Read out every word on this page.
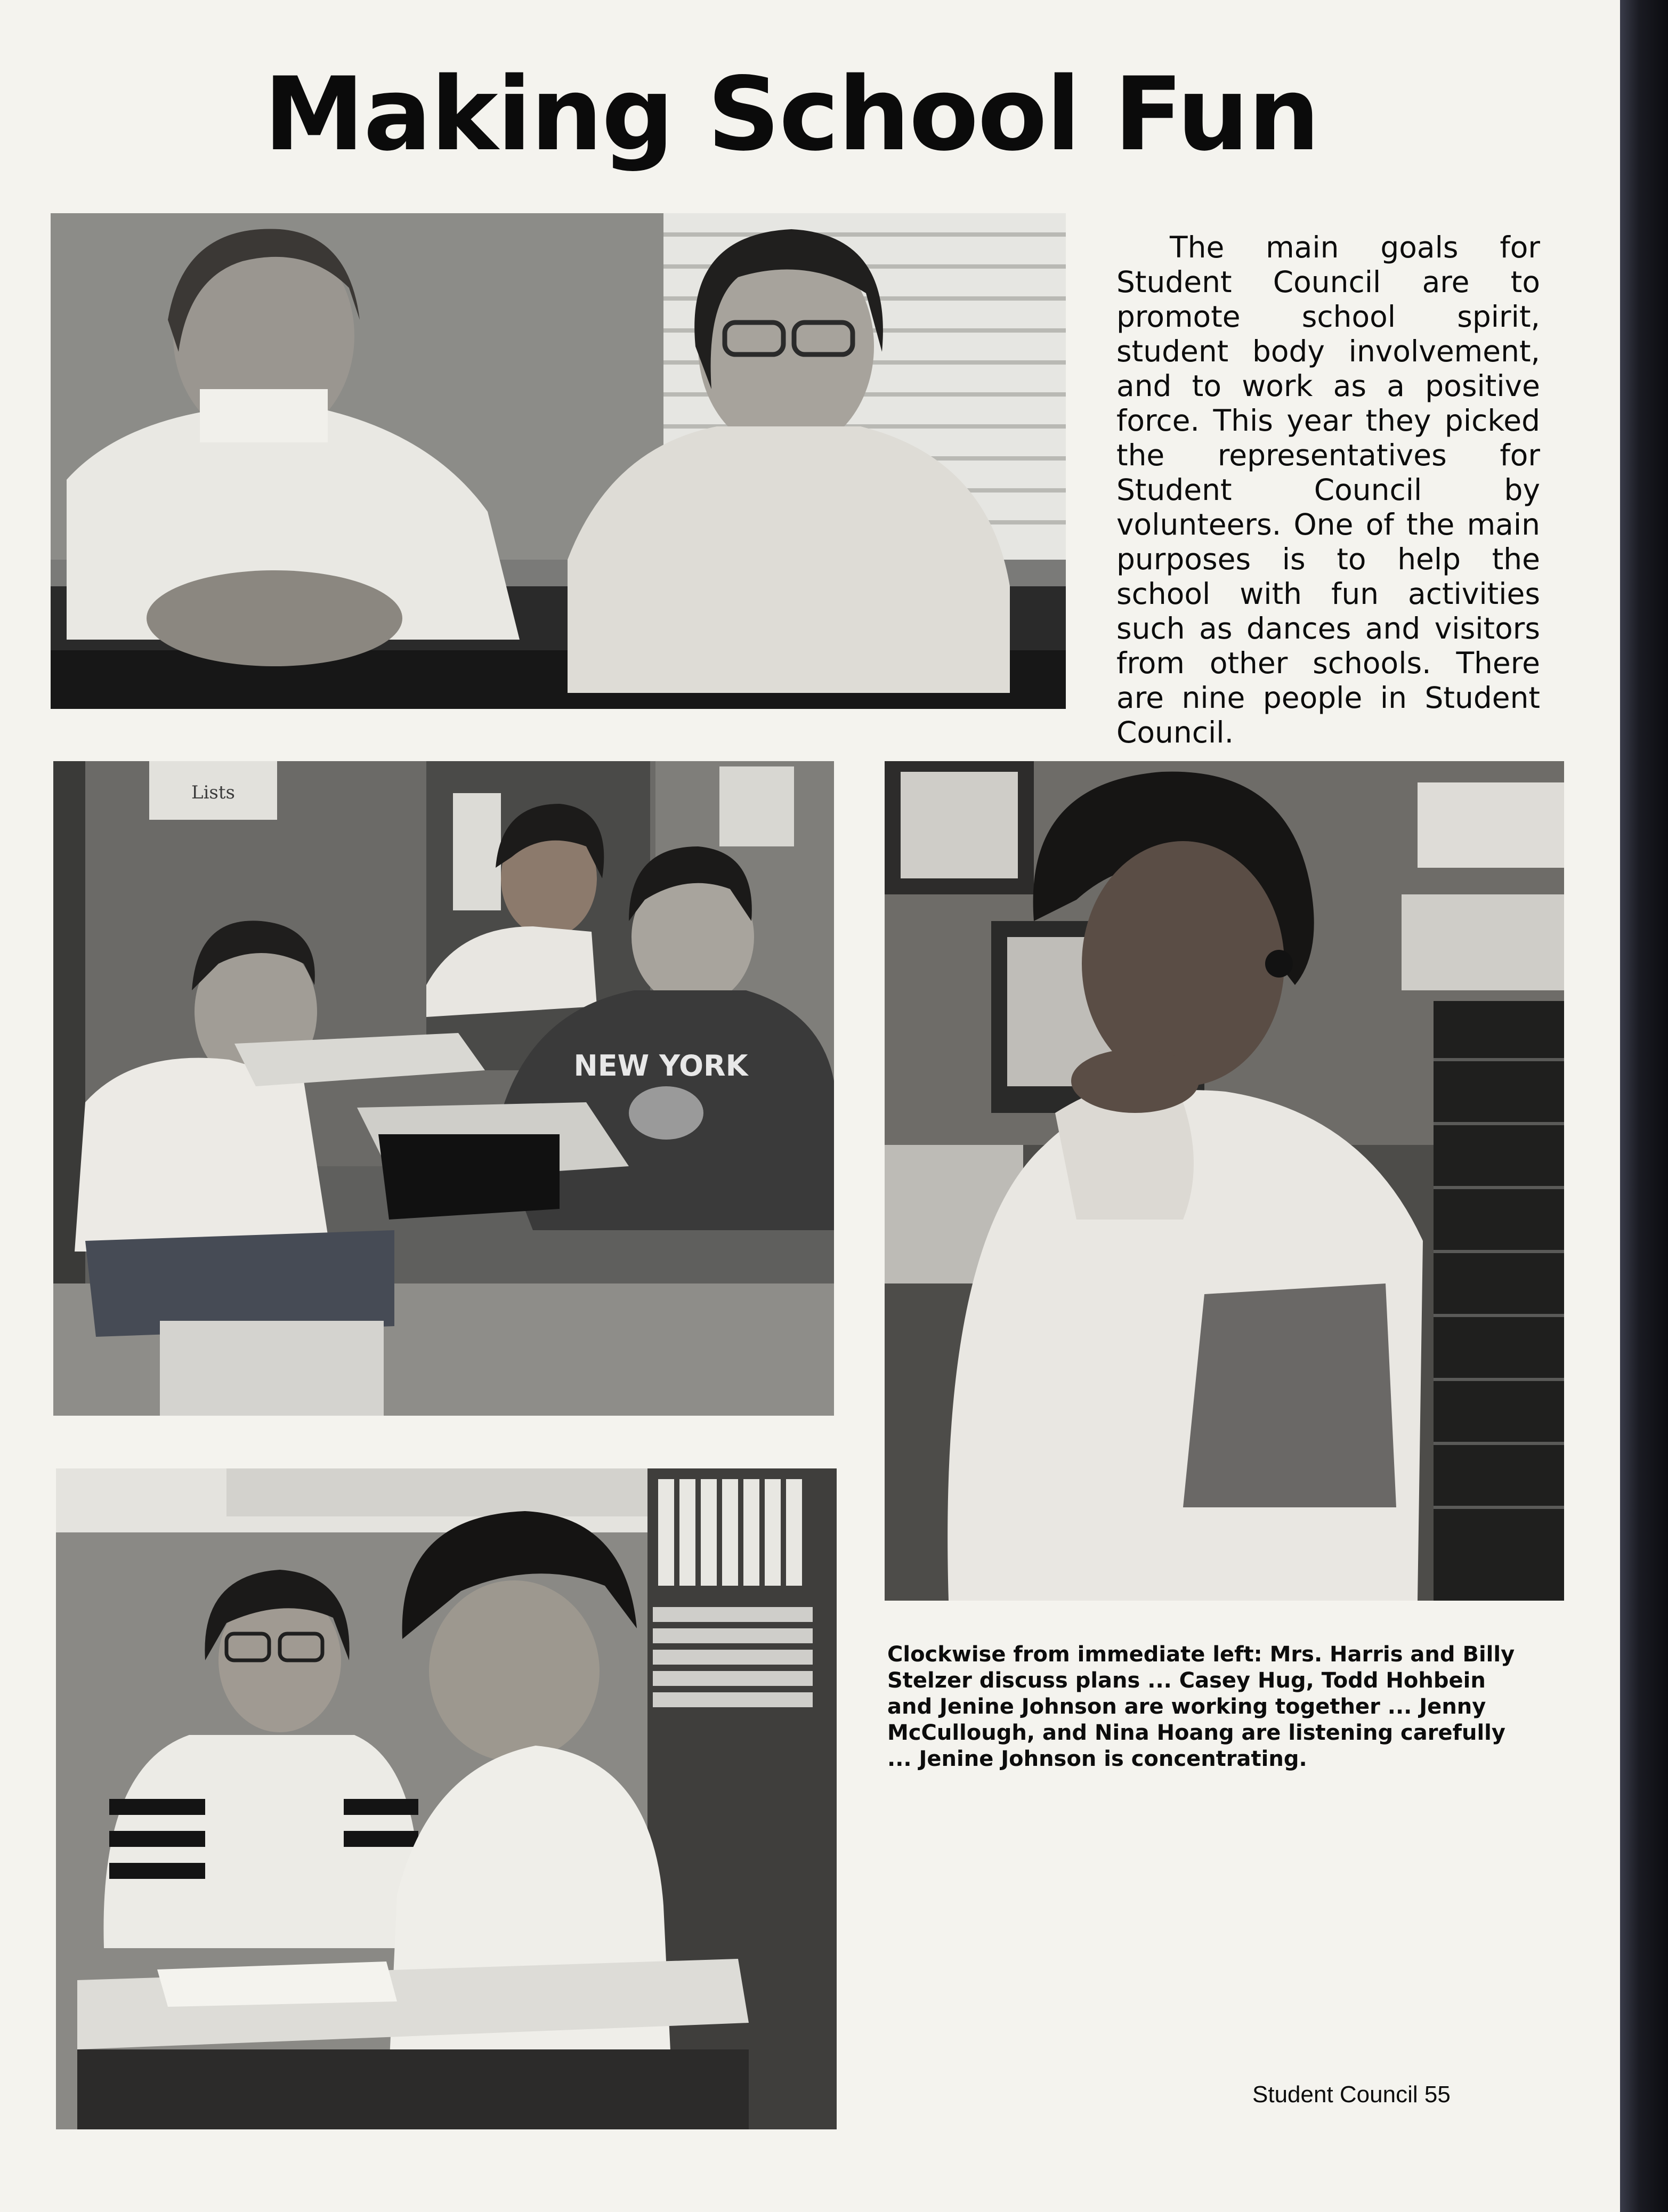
Making School Fun

The main goals for Student Council are to promote school spirit, student body involvement, and to work as a positive force. This year they picked the representatives for Student Council by volunteers. One of the main purposes is to help the school with fun activities such as dances and visitors from other schools. There are nine people in Student Council.

Lists
NEW YORK

Clockwise from immediate left: Mrs. Harris and Billy Stelzer discuss plans ... Casey Hug, Todd Hohbein and Jenine Johnson are working together ... Jenny McCullough, and Nina Hoang are listening carefully ... Jenine Johnson is concentrating.

Student Council 55
